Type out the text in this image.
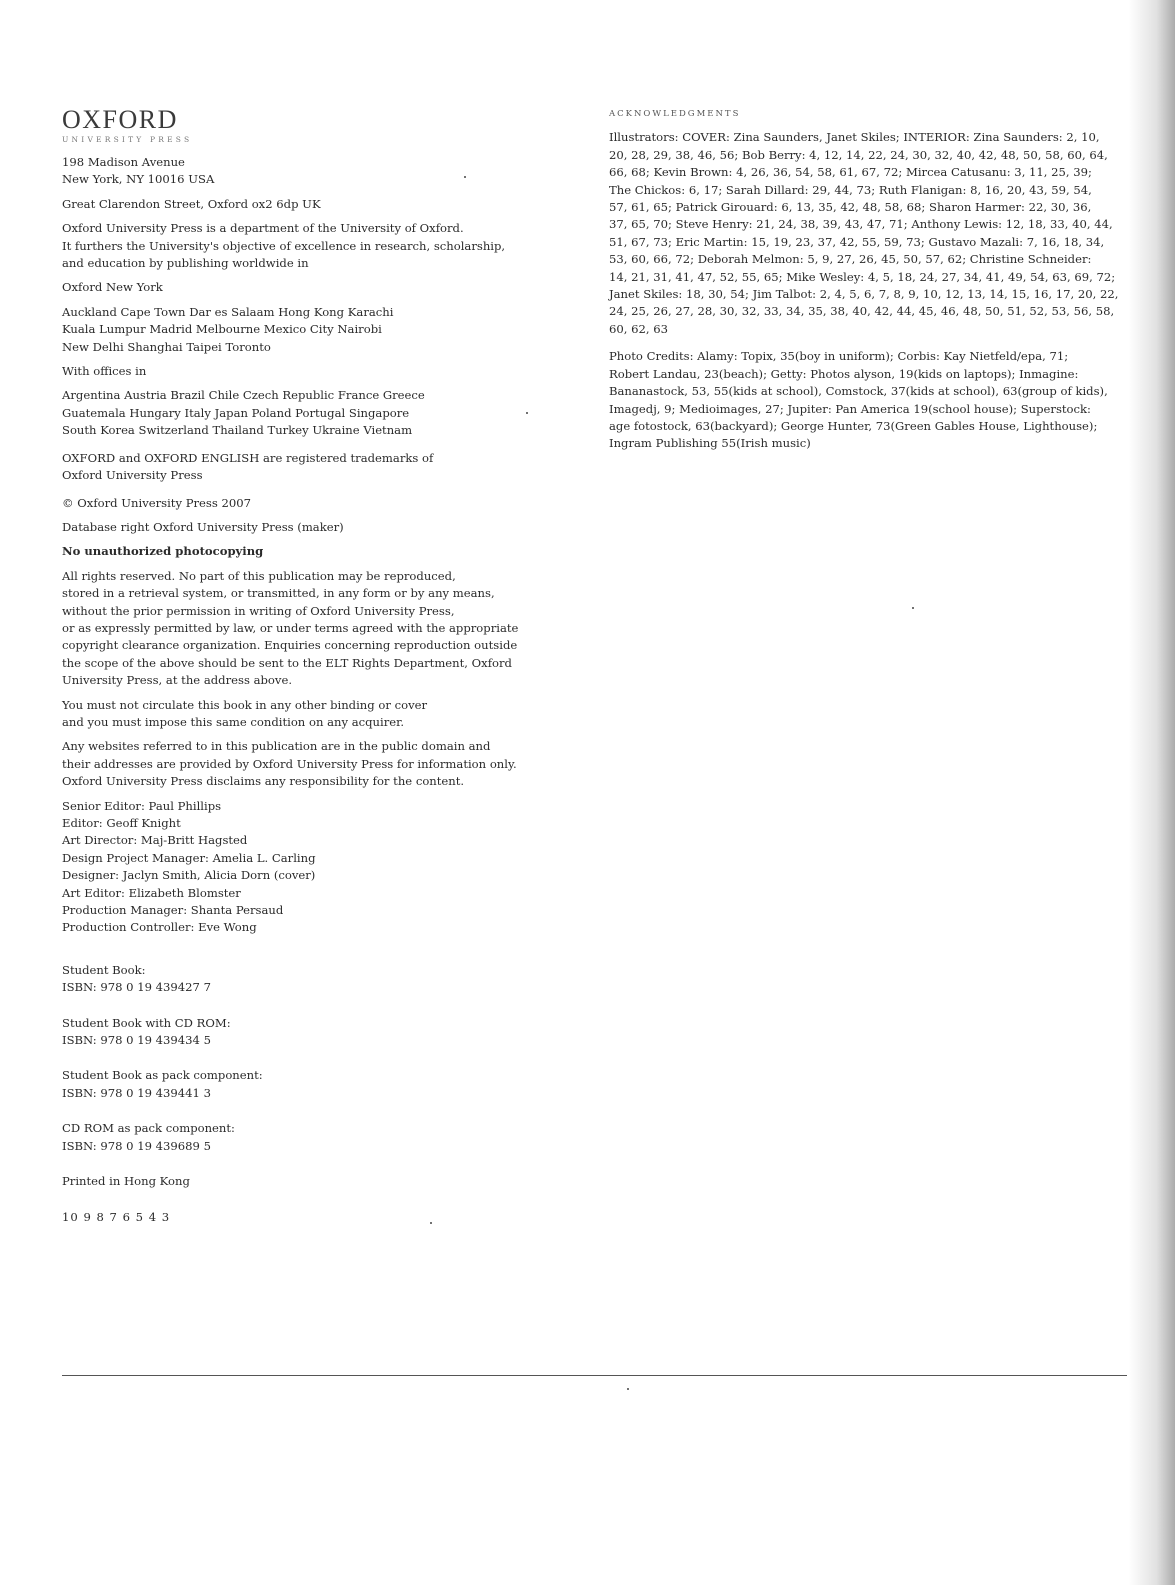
OXFORD
UNIVERSITY PRESS
198 Madison Avenue
New York, NY 10016 USA
Great Clarendon Street, Oxford ox2 6dp UK
Oxford University Press is a department of the University of Oxford.
It furthers the University's objective of excellence in research, scholarship,
and education by publishing worldwide in
Oxford New York
Auckland Cape Town Dar es Salaam Hong Kong Karachi
Kuala Lumpur Madrid Melbourne Mexico City Nairobi
New Delhi Shanghai Taipei Toronto
With offices in
Argentina Austria Brazil Chile Czech Republic France Greece
Guatemala Hungary Italy Japan Poland Portugal Singapore
South Korea Switzerland Thailand Turkey Ukraine Vietnam
OXFORD and OXFORD ENGLISH are registered trademarks of
Oxford University Press
© Oxford University Press 2007
Database right Oxford University Press (maker)
No unauthorized photocopying
All rights reserved. No part of this publication may be reproduced,
stored in a retrieval system, or transmitted, in any form or by any means,
without the prior permission in writing of Oxford University Press,
or as expressly permitted by law, or under terms agreed with the appropriate
copyright clearance organization. Enquiries concerning reproduction outside
the scope of the above should be sent to the ELT Rights Department, Oxford
University Press, at the address above.
You must not circulate this book in any other binding or cover
and you must impose this same condition on any acquirer.
Any websites referred to in this publication are in the public domain and
their addresses are provided by Oxford University Press for information only.
Oxford University Press disclaims any responsibility for the content.
Senior Editor: Paul Phillips
Editor: Geoff Knight
Art Director: Maj-Britt Hagsted
Design Project Manager: Amelia L. Carling
Designer: Jaclyn Smith, Alicia Dorn (cover)
Art Editor: Elizabeth Blomster
Production Manager: Shanta Persaud
Production Controller: Eve Wong
Student Book:
ISBN: 978 0 19 439427 7
Student Book with CD ROM:
ISBN: 978 0 19 439434 5
Student Book as pack component:
ISBN: 978 0 19 439441 3
CD ROM as pack component:
ISBN: 978 0 19 439689 5
Printed in Hong Kong
10 9 8 7 6 5 4 3
ACKNOWLEDGMENTS
Illustrators: COVER: Zina Saunders, Janet Skiles; INTERIOR: Zina Saunders: 2, 10,
20, 28, 29, 38, 46, 56; Bob Berry: 4, 12, 14, 22, 24, 30, 32, 40, 42, 48, 50, 58, 60, 64,
66, 68; Kevin Brown: 4, 26, 36, 54, 58, 61, 67, 72; Mircea Catusanu: 3, 11, 25, 39;
The Chickos: 6, 17; Sarah Dillard: 29, 44, 73; Ruth Flanigan: 8, 16, 20, 43, 59, 54,
57, 61, 65; Patrick Girouard: 6, 13, 35, 42, 48, 58, 68; Sharon Harmer: 22, 30, 36,
37, 65, 70; Steve Henry: 21, 24, 38, 39, 43, 47, 71; Anthony Lewis: 12, 18, 33, 40, 44,
51, 67, 73; Eric Martin: 15, 19, 23, 37, 42, 55, 59, 73; Gustavo Mazali: 7, 16, 18, 34,
53, 60, 66, 72; Deborah Melmon: 5, 9, 27, 26, 45, 50, 57, 62; Christine Schneider:
14, 21, 31, 41, 47, 52, 55, 65; Mike Wesley: 4, 5, 18, 24, 27, 34, 41, 49, 54, 63, 69, 72;
Janet Skiles: 18, 30, 54; Jim Talbot: 2, 4, 5, 6, 7, 8, 9, 10, 12, 13, 14, 15, 16, 17, 20, 22,
24, 25, 26, 27, 28, 30, 32, 33, 34, 35, 38, 40, 42, 44, 45, 46, 48, 50, 51, 52, 53, 56, 58,
60, 62, 63
Photo Credits: Alamy: Topix, 35(boy in uniform); Corbis: Kay Nietfeld/epa, 71;
Robert Landau, 23(beach); Getty: Photos alyson, 19(kids on laptops); Inmagine:
Bananastock, 53, 55(kids at school), Comstock, 37(kids at school), 63(group of kids),
Imagedj, 9; Medioimages, 27; Jupiter: Pan America 19(school house); Superstock:
age fotostock, 63(backyard); George Hunter, 73(Green Gables House, Lighthouse);
Ingram Publishing 55(Irish music)
